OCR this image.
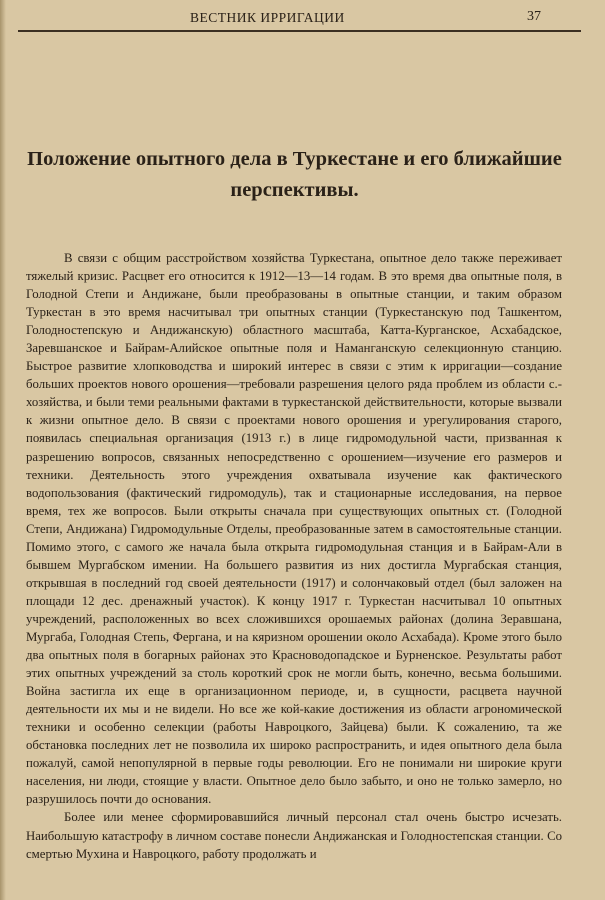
ВЕСТНИК ИРРИГАЦИИ	37
Положение опытного дела в Туркестане и его ближайшие перспективы.

В связи с общим расстройством хозяйства Туркестана, опытное дело также переживает тяжелый кризис. Расцвет его относится к 1912—13—14 годам. В это время два опытные поля, в Голодной Степи и Андижане, были преобразованы в опытные станции, и таким образом Туркестан в это время насчитывал три опытных станции (Туркестанскую под Ташкентом, Голодностепскую и Андижанскую) областного масштаба, Катта-Курганское, Асхабадское, Заревшанское и Байрам-Алийское опытные поля и Наманганскую селекционную станцию. Быстрое развитие хлопководства и широкий интерес в связи с этим к ирригации—создание больших проектов нового орошения—требовали разрешения целого ряда проблем из области с.-хозяйства, и были теми реальными фактами в туркестанской действительности, которые вызвали к жизни опытное дело. В связи с проектами нового орошения и урегулирования старого, появилась специальная организация (1913 г.) в лице гидромодульной части, призванная к разрешению вопросов, связанных непосредственно с орошением—изучение его размеров и техники. Деятельность этого учреждения охватывала изучение как фактического водопользования (фактический гидромодуль), так и стационарные исследования, на первое время, тех же вопросов. Были открыты сначала при существующих опытных ст. (Голодной Степи, Андижана) Гидромодульные Отделы, преобразованные затем в самостоятельные станции. Помимо этого, с самого же начала была открыта гидромодульная станция и в Байрам-Али в бывшем Мургабском имении. На большего развития из них достигла Мургабская станция, открывшая в последний год своей деятельности (1917) и солончаковый отдел (был заложен на площади 12 дес. дренажный участок). К концу 1917 г. Туркестан насчитывал 10 опытных учреждений, расположенных во всех сложившихся орошаемых районах (долина Зеравшана, Мургаба, Голодная Степь, Фергана, и на кяризном орошении около Асхабада). Кроме этого было два опытных поля в богарных районах это Красноводопадское и Бурненское. Результаты работ этих опытных учреждений за столь короткий срок не могли быть, конечно, весьма большими. Война застигла их еще в организационном периоде, и, в сущности, расцвета научной деятельности их мы и не видели. Но все же кой-какие достижения из области агрономической техники и особенно селекции (работы Навроцкого, Зайцева) были. К сожалению, та же обстановка последних лет не позволила их широко распространить, и идея опытного дела была пожалуй, самой непопулярной в первые годы революции. Его не понимали ни широкие круги населения, ни люди, стоящие у власти. Опытное дело было забыто, и оно не только замерло, но разрушилось почти до основания.

Более или менее сформировавшийся личный персонал стал очень быстро исчезать. Наибольшую катастрофу в личном составе понесли Андижанская и Голодностепская станции. Со смертью Мухина и Навроцкого, работу продолжать и
